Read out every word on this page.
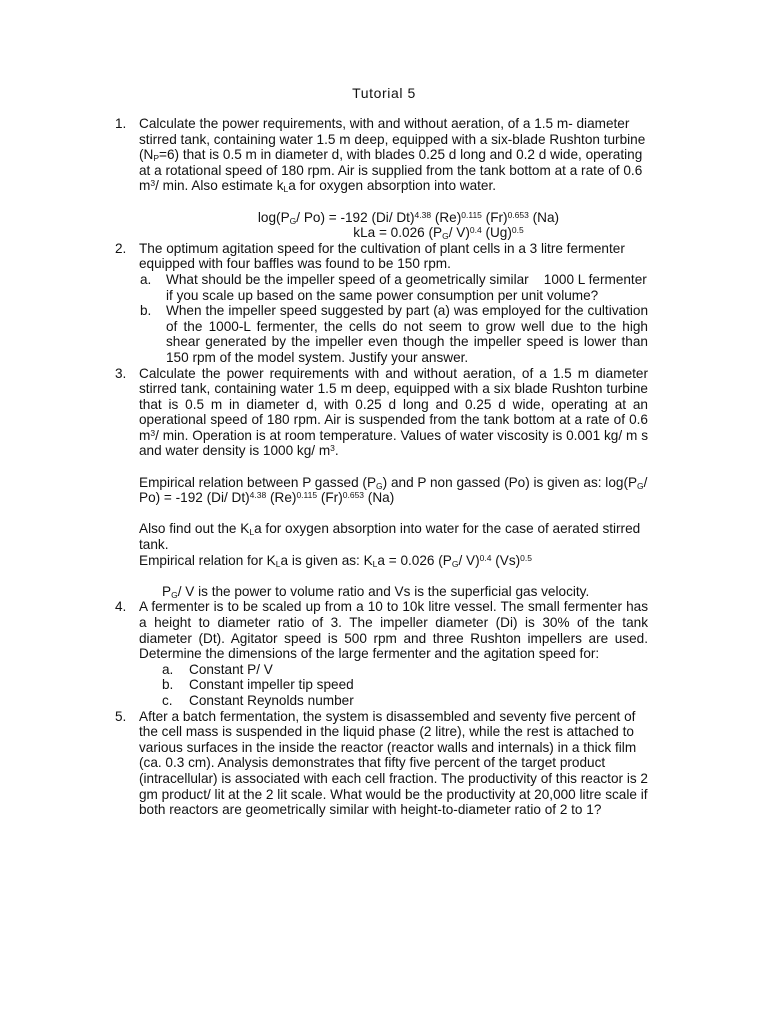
Tutorial 5
1. Calculate the power requirements, with and without aeration, of a 1.5 m- diameter stirred tank, containing water 1.5 m deep, equipped with a six-blade Rushton turbine $(N_P=6)$ that is 0.5 m in diameter d, with blades 0.25 d long and 0.2 d wide, operating at a rotational speed of 180 rpm. Air is supplied from the tank bottom at a rate of 0.6 $m^3/$ min. Also estimate $k_La$ for oxygen absorption into water.
$\log(P_G/$ Po) = -192 (Di/ Dt)$^{4.38}$ $(Re)^{0.115}$ $(Fr)^{0.653}$ (Na)
kLa = 0.026 ($P_G/$ V)$^{0.4}$ $(Ug)^{0.5}$
2. The optimum agitation speed for the cultivation of plant cells in a 3 litre fermenter equipped with four baffles was found to be 150 rpm.
a. What should be the impeller speed of a geometrically similar    1000 L fermenter if you scale up based on the same power consumption per unit volume?
b. When the impeller speed suggested by part (a) was employed for the cultivation of the 1000-L fermenter, the cells do not seem to grow well due to the high shear generated by the impeller even though the impeller speed is lower than 150 rpm of the model system. Justify your answer.
3. Calculate the power requirements with and without aeration, of a 1.5 m diameter stirred tank, containing water 1.5 m deep, equipped with a six blade Rushton turbine that is 0.5 m in diameter d, with 0.25 d long and 0.25 d wide, operating at an operational speed of 180 rpm. Air is suspended from the tank bottom at a rate of 0.6 $m^3/$ min. Operation is at room temperature. Values of water viscosity is 0.001 kg/ m s and water density is 1000 kg/ $m^3$.
Empirical relation between P gassed $(P_G)$ and P non gassed (Po) is given as: $\log(P_G/$ Po) = -192 (Di/ Dt)$^{4.38}$ $(Re)^{0.115}$ $(Fr)^{0.653}$ (Na)
Also find out the $K_La$ for oxygen absorption into water for the case of aerated stirred tank.
Empirical relation for $K_La$ is given as: $K_La = 0.026$ ($P_G/$ V)$^{0.4}$ $(Vs)^{0.5}$
$P_G/$ V is the power to volume ratio and Vs is the superficial gas velocity.
4. A fermenter is to be scaled up from a 10 to 10k litre vessel. The small fermenter has a height to diameter ratio of 3. The impeller diameter (Di) is 30% of the tank diameter (Dt). Agitator speed is 500 rpm and three Rushton impellers are used. Determine the dimensions of the large fermenter and the agitation speed for:
a. Constant P/ V
b. Constant impeller tip speed
c. Constant Reynolds number
5. After a batch fermentation, the system is disassembled and seventy five percent of the cell mass is suspended in the liquid phase (2 litre), while the rest is attached to various surfaces in the inside the reactor (reactor walls and internals) in a thick film (ca. 0.3 cm). Analysis demonstrates that fifty five percent of the target product (intracellular) is associated with each cell fraction. The productivity of this reactor is 2 gm product/ lit at the 2 lit scale. What would be the productivity at 20,000 litre scale if both reactors are geometrically similar with height-to-diameter ratio of 2 to 1?
